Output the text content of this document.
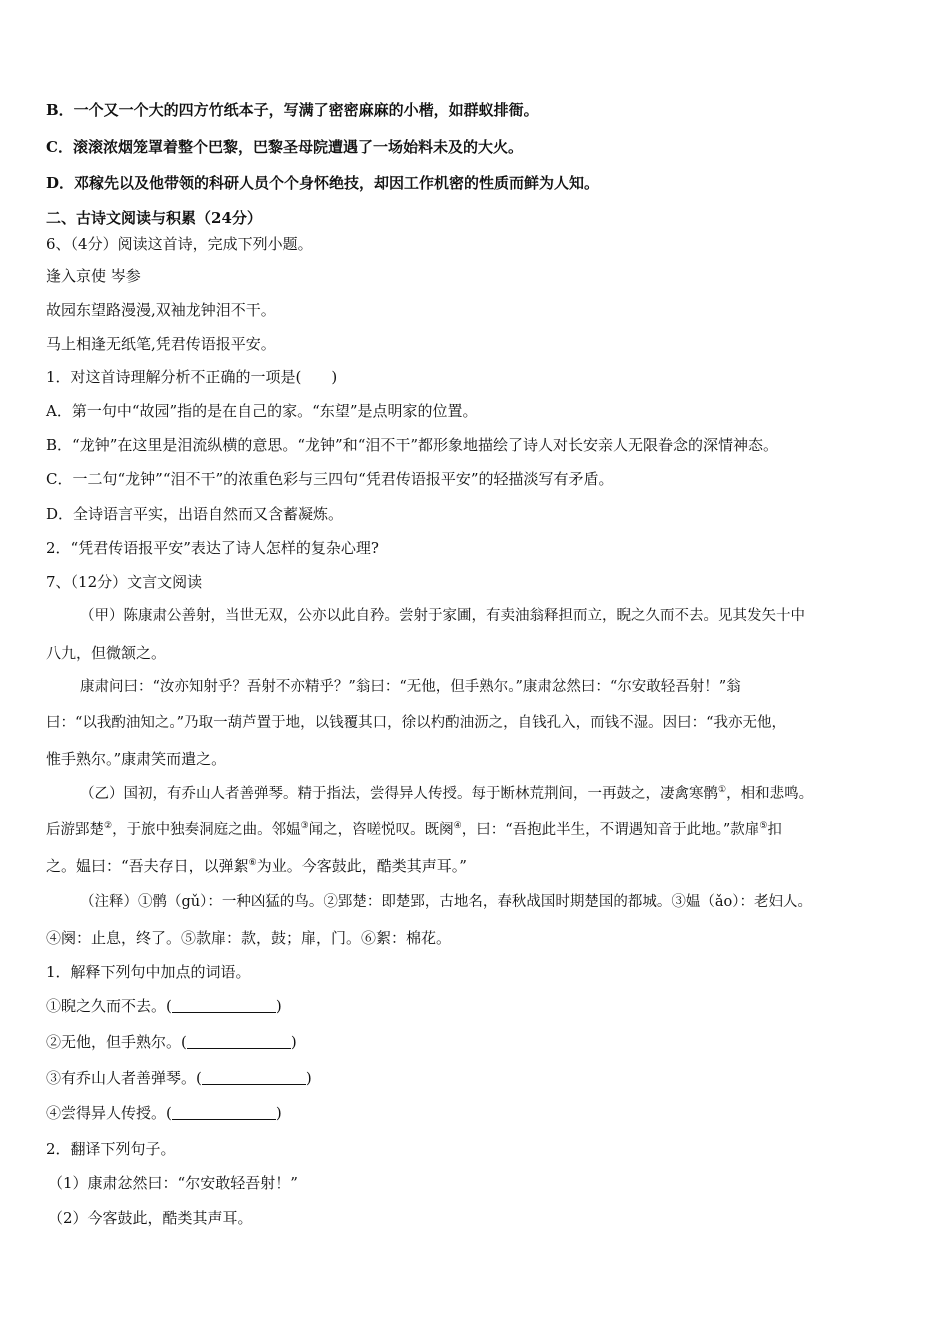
B．一个又一个大的四方竹纸本子，写满了密密麻麻的小楷，如群蚁排衙。
C．滚滚浓烟笼罩着整个巴黎，巴黎圣母院遭遇了一场始料未及的大火。
D．邓稼先以及他带领的科研人员个个身怀绝技，却因工作机密的性质而鲜为人知。
二、古诗文阅读与积累（24分）
6、（4分）阅读这首诗，完成下列小题。
逢入京使 岑参
故园东望路漫漫,双袖龙钟泪不干。
马上相逢无纸笔,凭君传语报平安。
1．对这首诗理解分析不正确的一项是(　　)
A．第一句中“故园”指的是在自己的家。“东望”是点明家的位置。
B．“龙钟”在这里是泪流纵横的意思。“龙钟”和“泪不干”都形象地描绘了诗人对长安亲人无限眷念的深情神态。
C．一二句“龙钟”“泪不干”的浓重色彩与三四句“凭君传语报平安”的轻描淡写有矛盾。
D．全诗语言平实，出语自然而又含蓄凝炼。
2．“凭君传语报平安”表达了诗人怎样的复杂心理?
7、（12分）文言文阅读
（甲）陈康肃公善射，当世无双，公亦以此自矜。尝射于家圃，有卖油翁释担而立，睨之久而不去。见其发矢十中
八九，但微颔之。
康肃问曰：“汝亦知射乎？吾射不亦精乎？”翁曰：“无他，但手熟尔。”康肃忿然曰：“尔安敢轻吾射！”翁
曰：“以我酌油知之。”乃取一葫芦置于地，以钱覆其口，徐以杓酌油沥之，自钱孔入，而钱不湿。因曰：“我亦无他，
惟手熟尔。”康肃笑而遣之。
（乙）国初，有乔山人者善弹琴。精于指法，尝得异人传授。每于断林荒荆间，一再鼓之，凄禽寒鹘①，相和悲鸣。
后游郢楚②，于旅中独奏洞庭之曲。邻媪③闻之，咨嗟悦叹。既阕④，曰：“吾抱此半生，不谓遇知音于此地。”款扉⑤扣
之。媪曰：“吾夫存日，以弹絮⑥为业。今客鼓此，酷类其声耳。”
（注释）①鹘（gǔ）：一种凶猛的鸟。②郢楚：即楚郢，古地名，春秋战国时期楚国的都城。③媪（ǎo）：老妇人。
④阕：止息，终了。⑤款扉：款，鼓；扉，门。⑥絮：棉花。
1．解释下列句中加点的词语。
①睨之久而不去。(	)
②无他，但手熟尔。(	)
③有乔山人者善弹琴。(	)
④尝得异人传授。(	)
2．翻译下列句子。
（1）康肃忿然曰：“尔安敢轻吾射！”
（2）今客鼓此，酷类其声耳。
